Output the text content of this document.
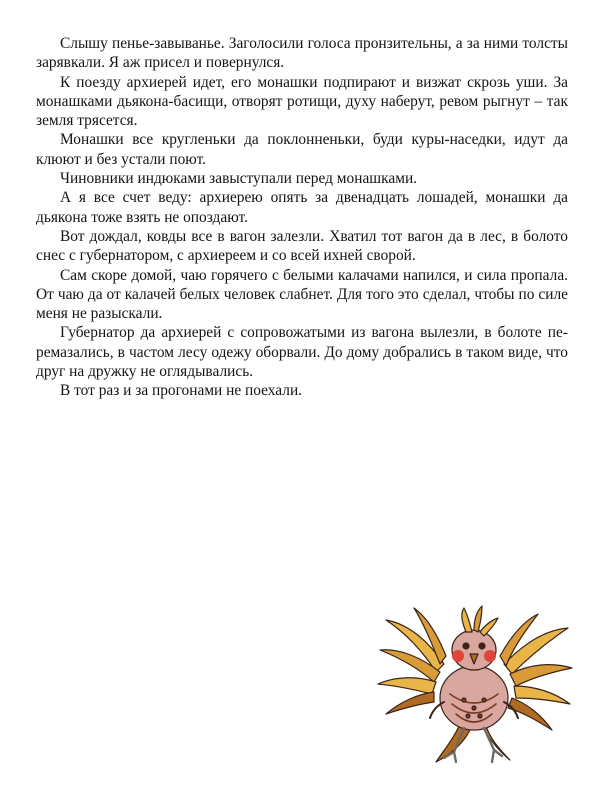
Слышу пенье-завыванье. Заголосили голоса пронзительны, а за ними толсты зарявкали. Я аж присел и повернулся.

К поезду архиерей идет, его монашки подпирают и визжат скрозь уши. За монашками дьякона-басищи, отворят ротищи, духу наберут, ревом рыгнут – так земля трясется.

Монашки все кругленьки да поклонненьки, буди куры-наседки, идут да клюют и без устали поют.

Чиновники индюками завыступали перед монашками.

А я все счет веду: архиерею опять за двенадцать лошадей, монашки да дьякона тоже взять не опоздают.

Вот дождал, ковды все в вагон залезли. Хватил тот вагон да в лес, в болото снес с губернатором, с архиереем и со всей ихней сворой.

Сам скоре домой, чаю горячего с белыми калачами напился, и сила пропала. От чаю да от калачей белых человек слабнет. Для того это сделал, чтобы по силе меня не разыскали.

Губернатор да архиерей с сопровожатыми из вагона вылезли, в болоте перемазались, в частом лесу одежу оборвали. До дому добрались в таком виде, что друг на дружку не оглядывались.

В тот раз и за прогонами не поехали.
